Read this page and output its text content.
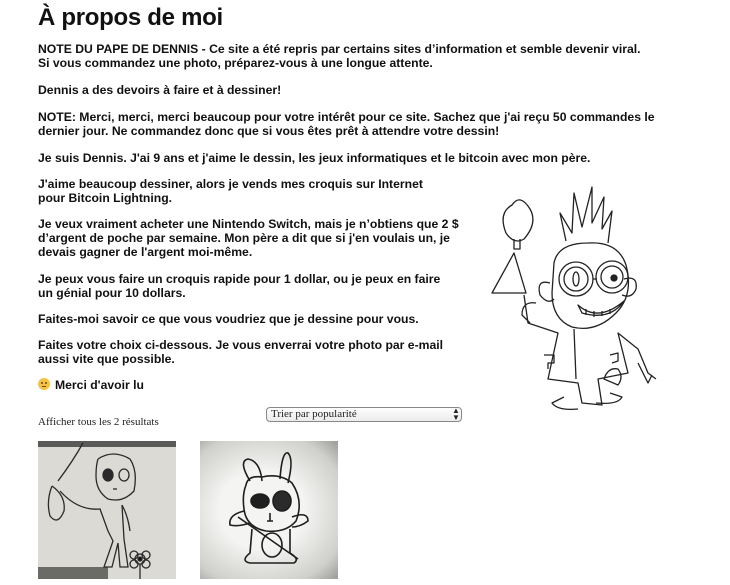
À propos de moi

NOTE DU PAPE DE DENNIS - Ce site a été repris par certains sites d’information et semble devenir viral. Si vous commandez une photo, préparez-vous à une longue attente.

Dennis a des devoirs à faire et à dessiner!

NOTE: Merci, merci, merci beaucoup pour votre intérêt pour ce site. Sachez que j'ai reçu 50 commandes le dernier jour. Ne commandez donc que si vous êtes prêt à attendre votre dessin!

Je suis Dennis. J'ai 9 ans et j'aime le dessin, les jeux informatiques et le bitcoin avec mon père.

J'aime beaucoup dessiner, alors je vends mes croquis sur Internet pour Bitcoin Lightning.

Je veux vraiment acheter une Nintendo Switch, mais je n’obtiens que 2 $ d’argent de poche par semaine. Mon père a dit que si j'en voulais un, je devais gagner de l'argent moi-même.

Je peux vous faire un croquis rapide pour 1 dollar, ou je peux en faire un génial pour 10 dollars.

Faites-moi savoir ce que vous voudriez que je dessine pour vous.

Faites votre choix ci-dessous. Je vous enverrai votre photo par e-mail aussi vite que possible.

Merci d'avoir lu

Afficher tous les 2 résultats
Trier par popularité	▲
▼
